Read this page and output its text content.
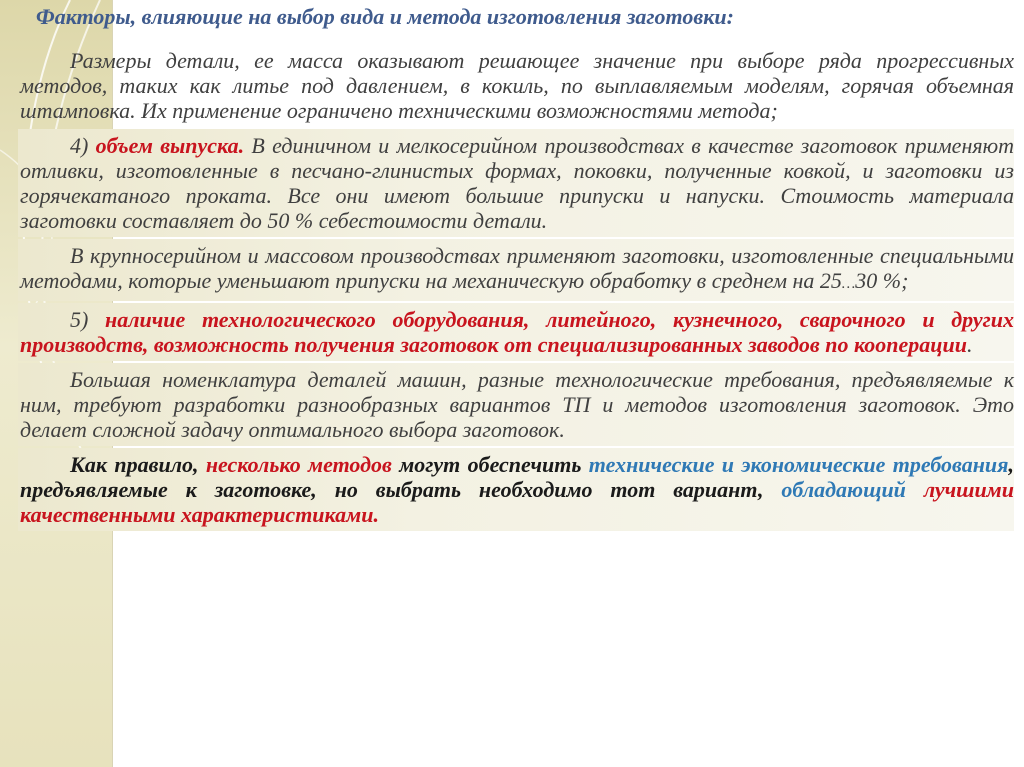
Факторы, влияющие на выбор вида и метода изготовления заготовки:

Размеры детали, ее масса оказывают решающее значение при выборе ряда прогрессивных методов, таких как литье под давлением, в кокиль, по выплавляемым моделям, горячая объемная штамповка. Их применение ограничено техническими возможностями метода;

4) объем выпуска. В единичном и мелкосерийном производствах в качестве заготовок применяют отливки, изготовленные в песчано-глинистых формах, поковки, полученные ковкой, и заготовки из горячекатаного проката. Все они имеют большие припуски и напуски. Стоимость материала заготовки составляет до 50 % себестоимости детали.

В крупносерийном и массовом производствах применяют заготовки, изготовленные специальными методами, которые уменьшают припуски на механическую обработку в среднем на 25…30 %;

5) наличие технологического оборудования, литейного, кузнечного, сварочного и других производств, возможность получения заготовок от специализированных заводов по кооперации.

Большая номенклатура деталей машин, разные технологические требования, предъявляемые к ним, требуют разработки разнообразных вариантов ТП и методов изготовления заготовок. Это делает сложной задачу оптимального выбора заготовок.

Как правило, несколько методов могут обеспечить технические и экономические требования, предъявляемые к заготовке, но выбрать необходимо тот вариант, обладающий лучшими качественными характеристиками.
